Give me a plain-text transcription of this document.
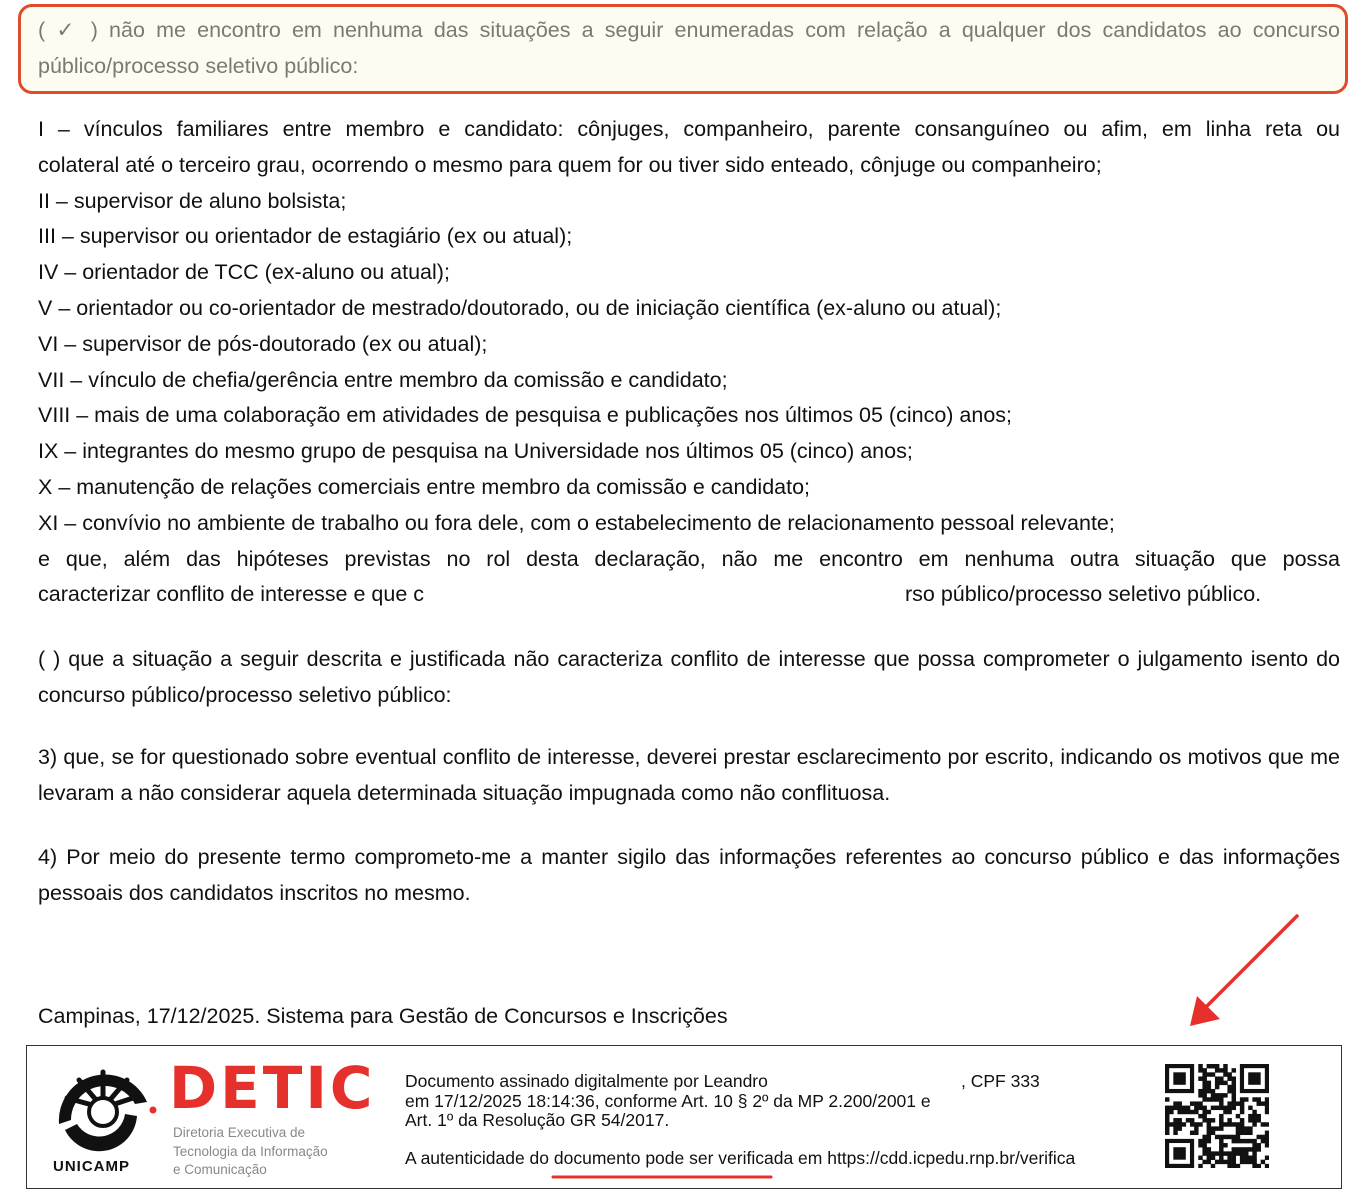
( ✓ ) não me encontro em nenhuma das situações a seguir enumeradas com relação a qualquer dos candidatos ao concurso público/processo seletivo público:
I – vínculos familiares entre membro e candidato: cônjuges, companheiro, parente consanguíneo ou afim, em linha reta ou
colateral até o terceiro grau, ocorrendo o mesmo para quem for ou tiver sido enteado, cônjuge ou companheiro;
II – supervisor de aluno bolsista;
III – supervisor ou orientador de estagiário (ex ou atual);
IV – orientador de TCC (ex-aluno ou atual);
V – orientador ou co-orientador de mestrado/doutorado, ou de iniciação científica (ex-aluno ou atual);
VI – supervisor de pós-doutorado (ex ou atual);
VII – vínculo de chefia/gerência entre membro da comissão e candidato;
VIII – mais de uma colaboração em atividades de pesquisa e publicações nos últimos 05 (cinco) anos;
IX – integrantes do mesmo grupo de pesquisa na Universidade nos últimos 05 (cinco) anos;
X – manutenção de relações comerciais entre membro da comissão e candidato;
XI – convívio no ambiente de trabalho ou fora dele, com o estabelecimento de relacionamento pessoal relevante;
e que, além das hipóteses previstas no rol desta declaração, não me encontro em nenhuma outra situação que possa
caracterizar conflito de interesse e que c	rso público/processo seletivo público.
( ) que a situação a seguir descrita e justificada não caracteriza conflito de interesse que possa comprometer o julgamento isento do concurso público/processo seletivo público:
3) que, se for questionado sobre eventual conflito de interesse, deverei prestar esclarecimento por escrito, indicando os motivos que me levaram a não considerar aquela determinada situação impugnada como não conflituosa.
4) Por meio do presente termo comprometo-me a manter sigilo das informações referentes ao concurso público e das informações pessoais dos candidatos inscritos no mesmo.
Campinas, 17/12/2025. Sistema para Gestão de Concursos e Inscrições
UNICAMP
DETIC
Diretoria Executiva de
Tecnologia da Informação
e Comunicação
Documento assinado digitalmente por Leandro	, CPF 333
em 17/12/2025 18:14:36, conforme Art. 10 § 2º da MP 2.200/2001 e
Art. 1º da Resolução GR 54/2017.
A autenticidade do documento pode ser verificada em https://cdd.icpedu.rnp.br/verifica
